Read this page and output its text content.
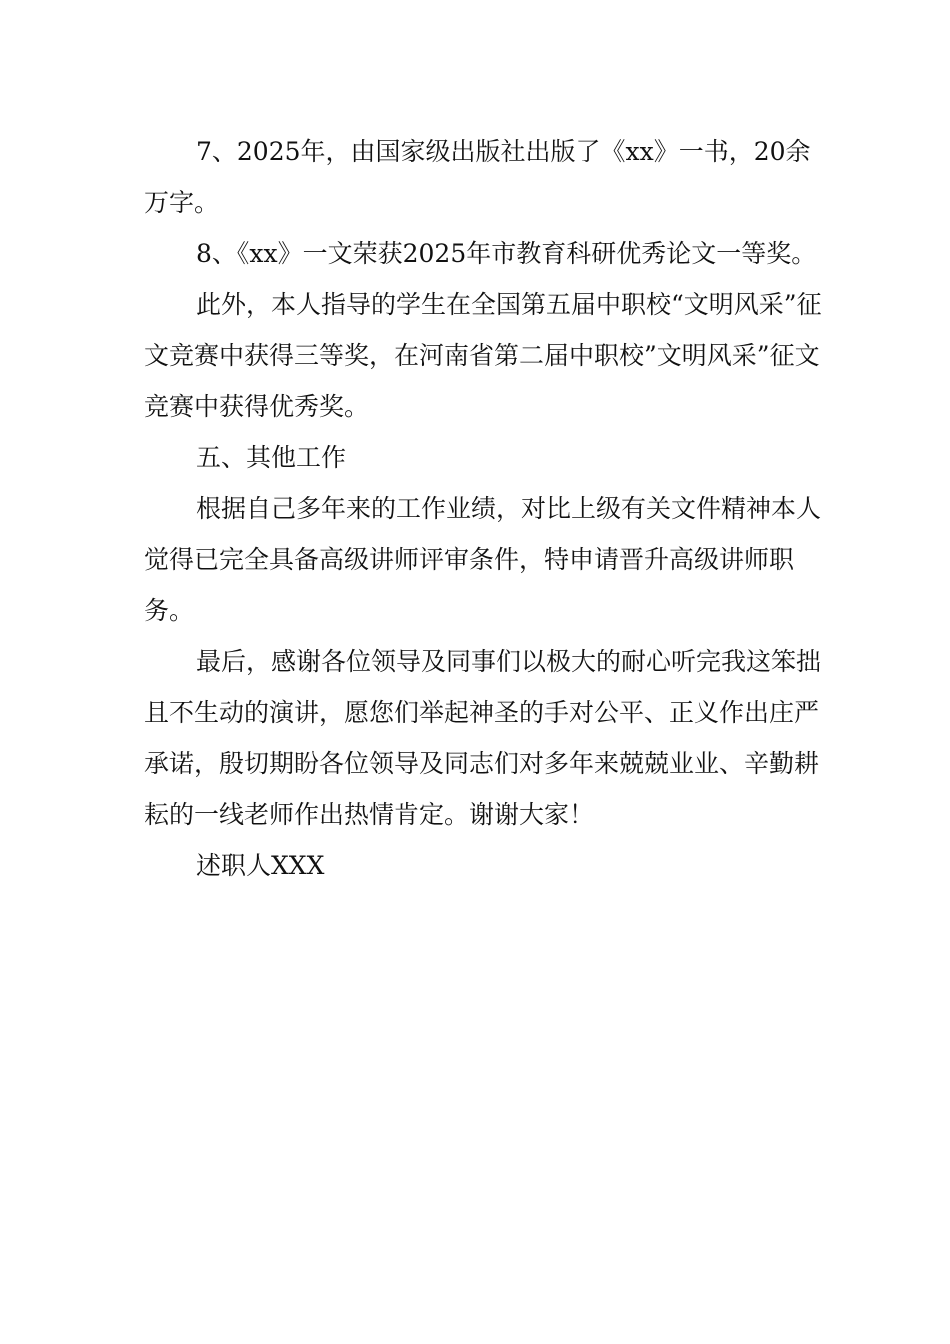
7、2025年，由国家级出版社出版了《xx》一书，20余万字。

8、《xx》一文荣获2025年市教育科研优秀论文一等奖。

此外，本人指导的学生在全国第五届中职校“文明风采”征文竞赛中获得三等奖，在河南省第二届中职校”文明风采”征文竞赛中获得优秀奖。

五、其他工作

根据自己多年来的工作业绩，对比上级有关文件精神本人觉得已完全具备高级讲师评审条件，特申请晋升高级讲师职务。

最后，感谢各位领导及同事们以极大的耐心听完我这笨拙且不生动的演讲，愿您们举起神圣的手对公平、正义作出庄严承诺，殷切期盼各位领导及同志们对多年来兢兢业业、辛勤耕耘的一线老师作出热情肯定。谢谢大家！

述职人XXX
